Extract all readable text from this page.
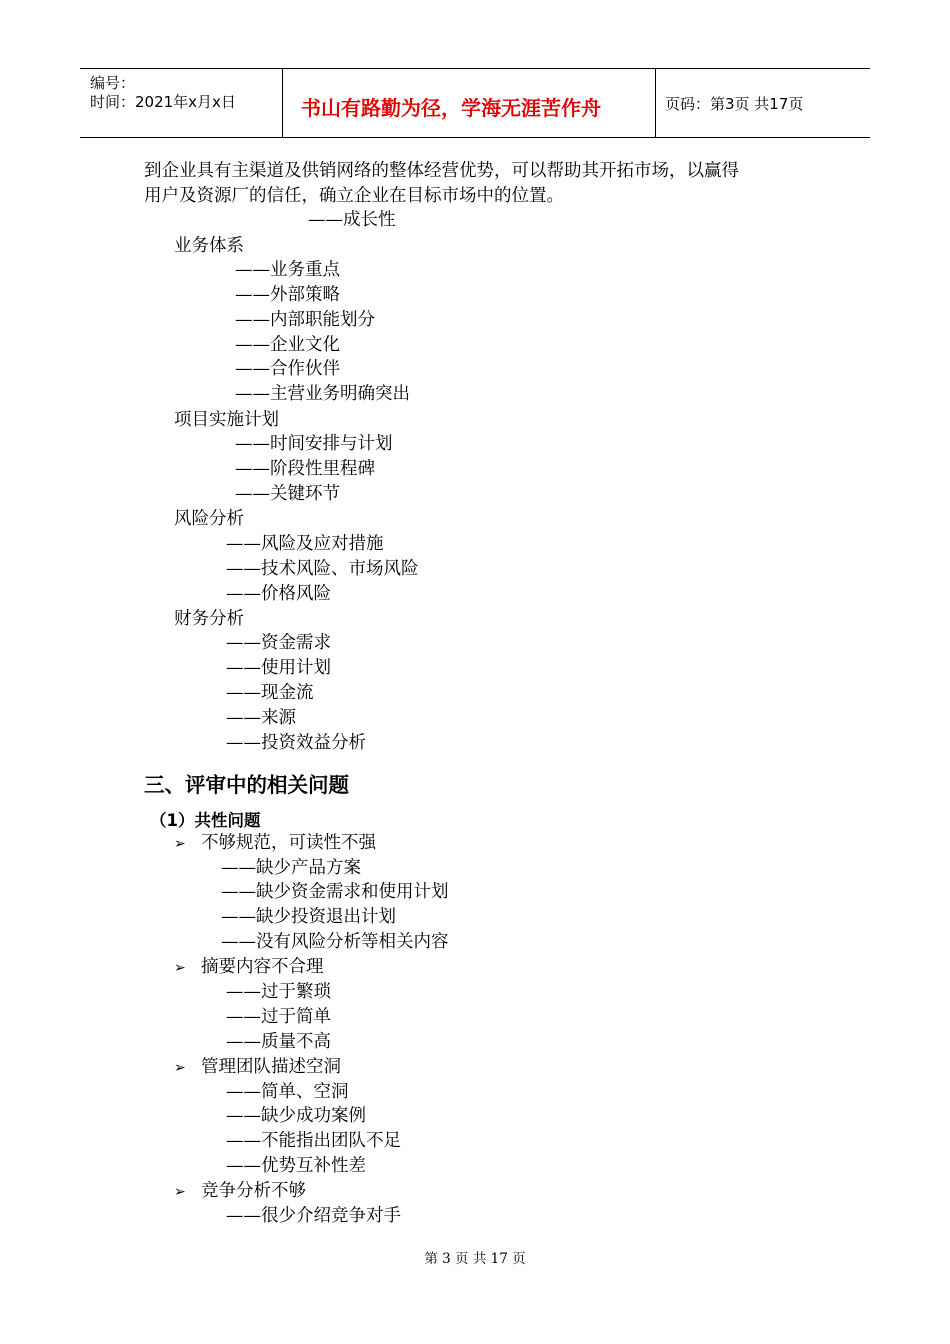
编号：
时间：2021年x月x日	书山有路勤为径，学海无涯苦作舟	页码：第3页 共17页
到企业具有主渠道及供销网络的整体经营优势，可以帮助其开拓市场，以赢得
用户及资源厂的信任，确立企业在目标市场中的位置。
——成长性
业务体系
——业务重点
——外部策略
——内部职能划分
——企业文化
——合作伙伴
——主营业务明确突出
项目实施计划
——时间安排与计划
——阶段性里程碑
——关键环节
风险分析
——风险及应对措施
——技术风险、市场风险
——价格风险
财务分析
——资金需求
——使用计划
——现金流
——来源
——投资效益分析
三、评审中的相关问题
（1）共性问题
➢ 不够规范，可读性不强
——缺少产品方案
——缺少资金需求和使用计划
——缺少投资退出计划
——没有风险分析等相关内容
➢ 摘要内容不合理
——过于繁琐
——过于简单
——质量不高
➢ 管理团队描述空洞
——简单、空洞
——缺少成功案例
——不能指出团队不足
——优势互补性差
➢ 竞争分析不够
——很少介绍竞争对手
第 3 页 共 17 页
